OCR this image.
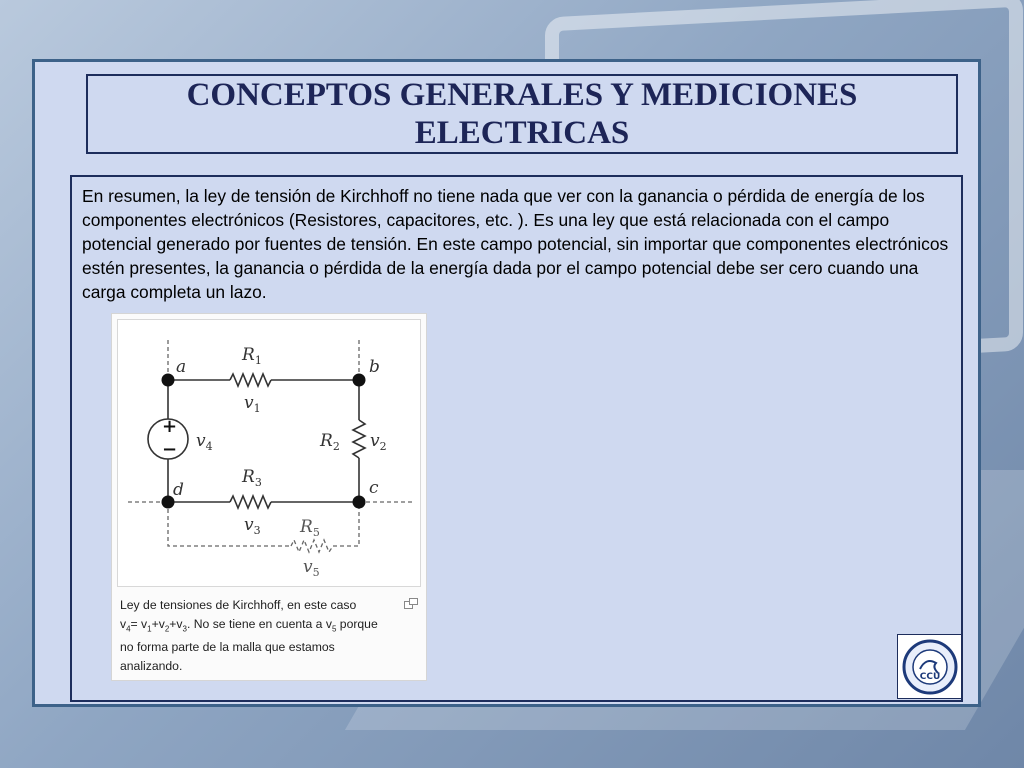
CONCEPTOS GENERALES Y MEDICIONES ELECTRICAS
En resumen, la ley de tensión de Kirchhoff no tiene nada que ver con la ganancia o pérdida de energía de los componentes electrónicos (Resistores, capacitores, etc. ). Es una ley que está relacionada con el campo potencial generado por fuentes de tensión. En este campo potencial, sin importar que componentes electrónicos estén presentes, la ganancia o pérdida de la energía dada por el campo potencial debe ser cero cuando una carga completa un lazo.
+
−
a	b
c
d
$R_1$
$v_1$
$R_2$ $v_2$
$R_3$
$v_3$
$v_4$
$R_5$
$v_5$
Ley de tensiones de Kirchhoff, en este caso
$v_4= v_1+v_2+v_3$. No se tiene en cuenta a $v_5$ porque
no forma parte de la malla que estamos
analizando.
CCU
